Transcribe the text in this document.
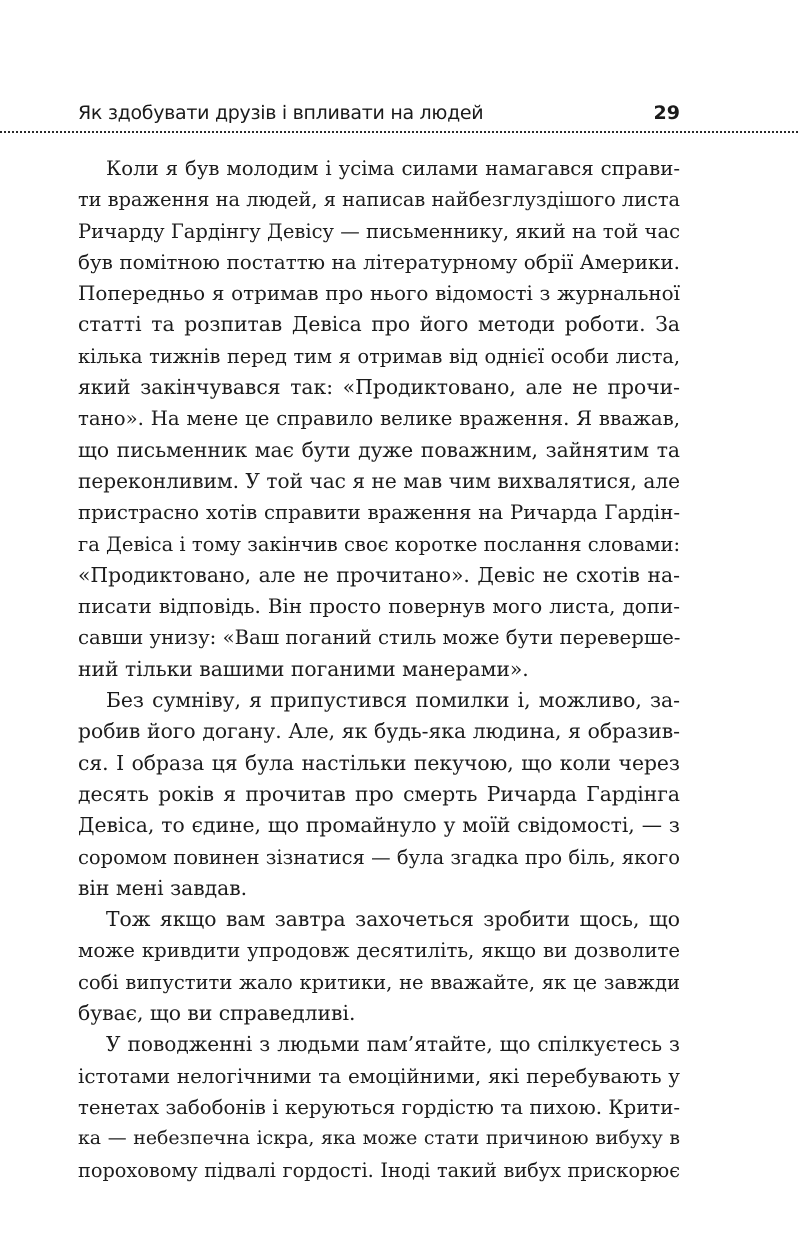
Як здобувати друзів і впливати на людей	29
Коли я був молодим і усіма силами намагався справи-
ти враження на людей, я написав найбезглуздішого листа
Ричарду Гардінгу Девісу — письменнику, який на той час
був помітною постаттю на літературному обрії Америки.
Попередньо я отримав про нього відомості з журнальної
статті та розпитав Девіса про його методи роботи. За
кілька тижнів перед тим я отримав від однієї особи листа,
який закінчувався так: «Продиктовано, але не прочи-
тано». На мене це справило велике враження. Я вважав,
що письменник має бути дуже поважним, зайнятим та
переконливим. У той час я не мав чим вихвалятися, але
пристрасно хотів справити враження на Ричарда Гардін-
га Девіса і тому закінчив своє коротке послання словами:
«Продиктовано, але не прочитано». Девіс не схотів на-
писати відповідь. Він просто повернув мого листа, допи-
савши унизу: «Ваш поганий стиль може бути переверше-
ний тільки вашими поганими манерами».
Без сумніву, я припустився помилки і, можливо, за-
робив його догану. Але, як будь-яка людина, я образив-
ся. І образа ця була настільки пекучою, що коли через
десять років я прочитав про смерть Ричарда Гардінга
Девіса, то єдине, що промайнуло у моїй свідомості, — з
соромом повинен зізнатися — була згадка про біль, якого
він мені завдав.
Тож якщо вам завтра захочеться зробити щось, що
може кривдити упродовж десятиліть, якщо ви дозволите
собі випустити жало критики, не вважайте, як це завжди
буває, що ви справедливі.
У поводженні з людьми пам’ятайте, що спілкуєтесь з
істотами нелогічними та емоційними, які перебувають у
тенетах забобонів і керуються гордістю та пихою. Крити-
ка — небезпечна іскра, яка може стати причиною вибуху в
пороховому підвалі гордості. Іноді такий вибух прискорює
